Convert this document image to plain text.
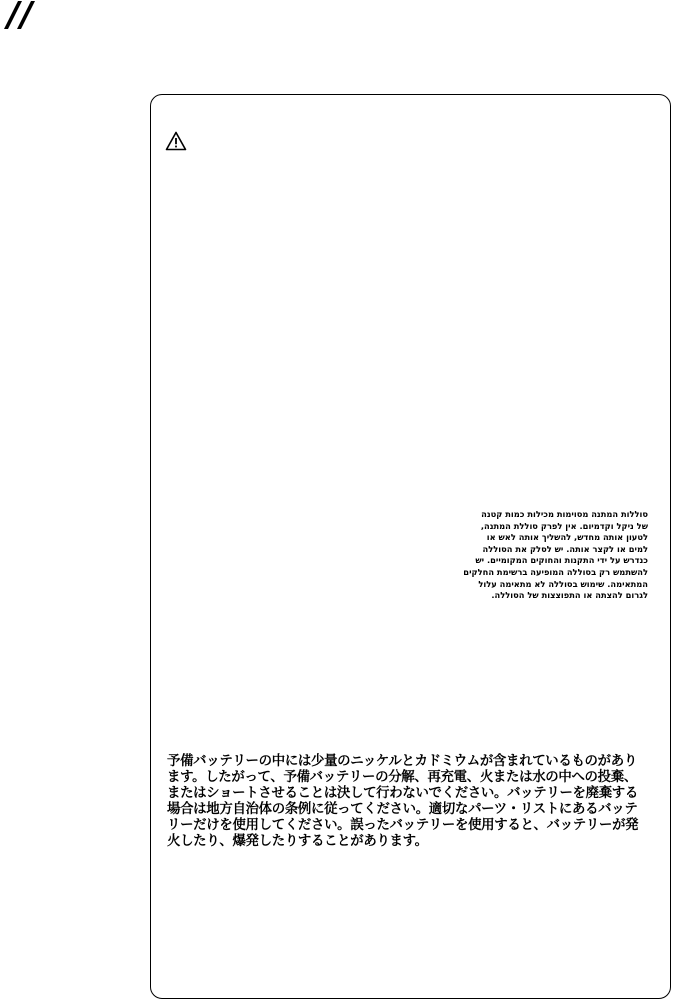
סוללות המתנה מסוימות מכילות כמות קטנה
של ניקל וקדמיום. אין לפרק סוללת המתנה,
לטעון אותה מחדש, להשליך אותה לאש או
למים או לקצר אותה. יש לסלק את הסוללה
כנדרש על ידי התקנות והחוקים המקומיים. יש
להשתמש רק בסוללה המופיעה ברשימת החלקים
המתאימה. שימוש בסוללה לא מתאימה עלול
לגרום להצתה או התפוצצות של הסוללה.

予備バッテリーの中には少量のニッケルとカドミウムが含まれているものがあり
ます。したがって、予備バッテリーの分解、再充電、火または水の中への投棄、
またはショートさせることは決して行わないでください。バッテリーを廃棄する
場合は地方自治体の条例に従ってください。適切なパーツ・リストにあるバッテ
リーだけを使用してください。誤ったバッテリーを使用すると、バッテリーが発
火したり、爆発したりすることがあります。
